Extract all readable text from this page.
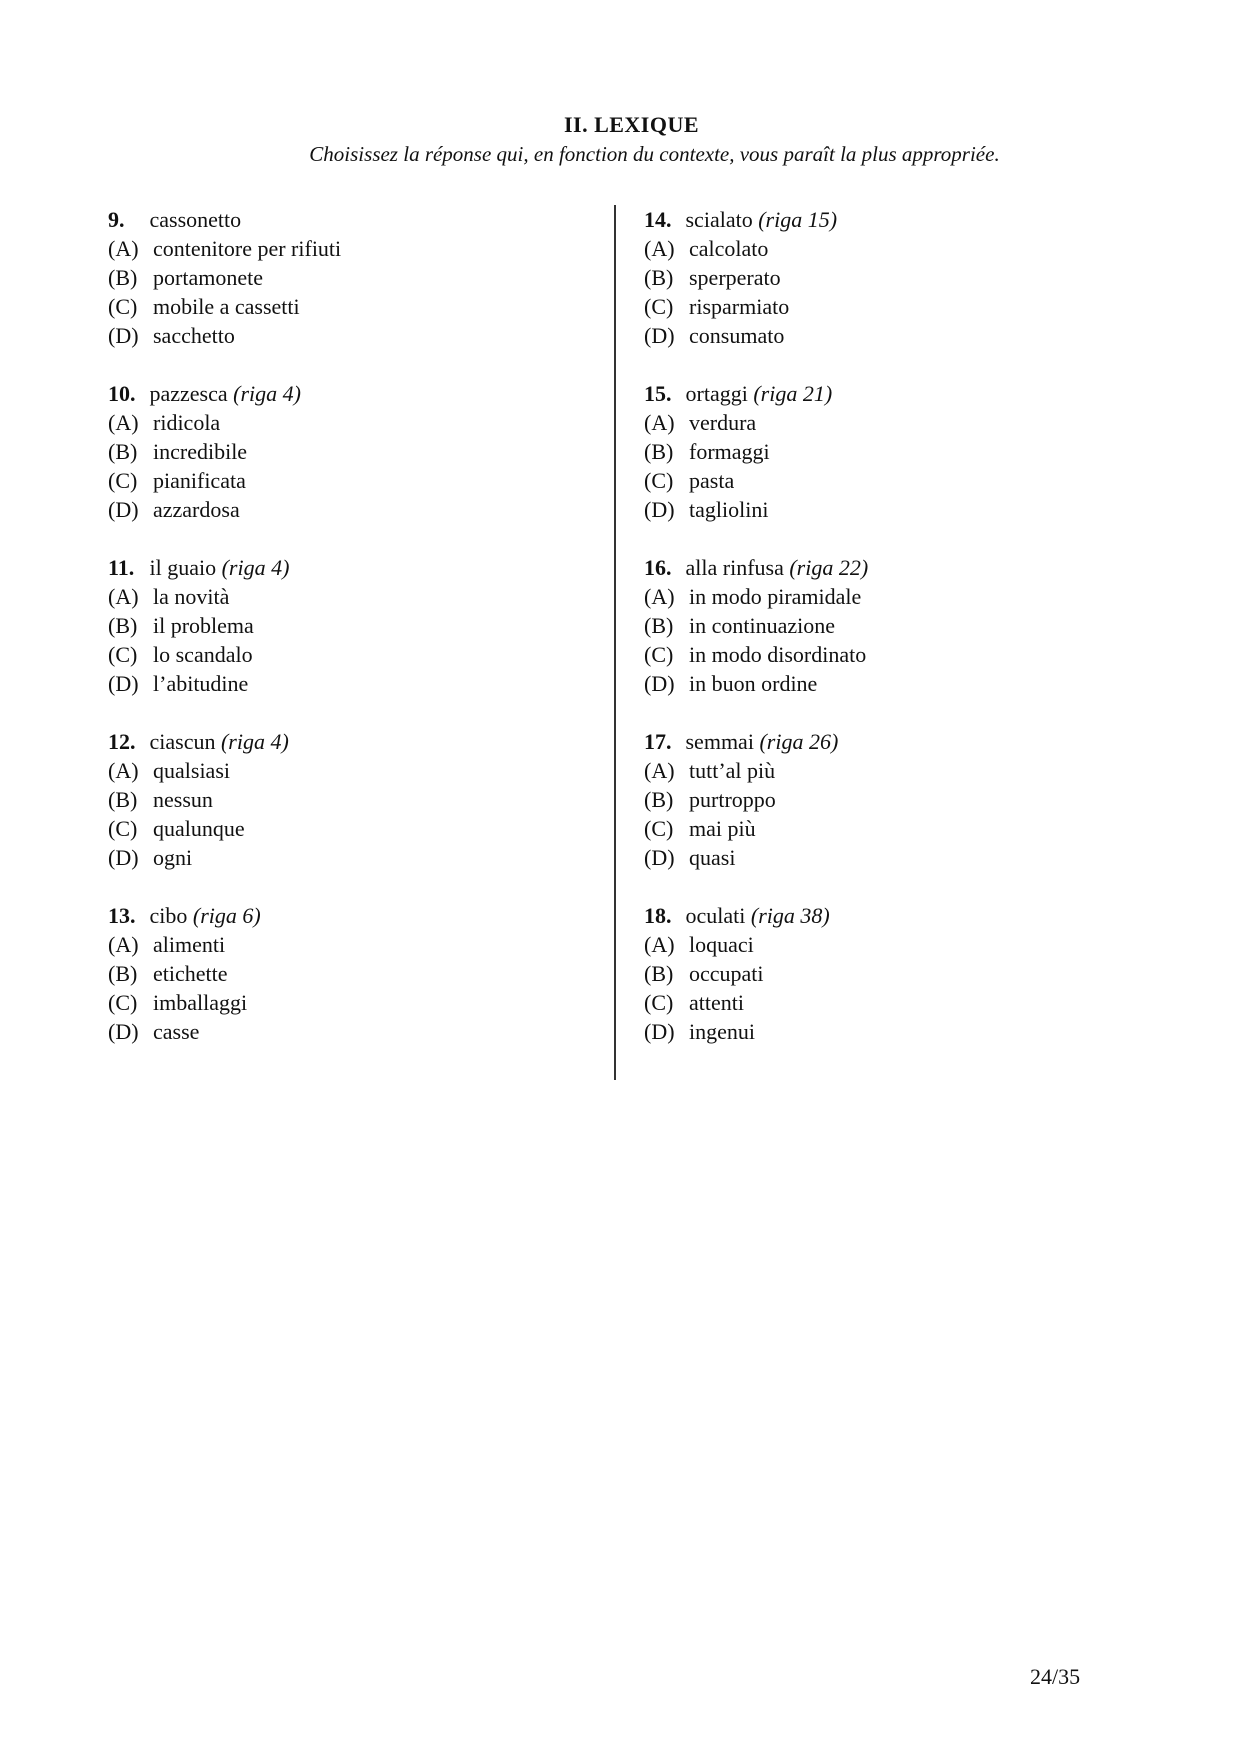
II. LEXIQUE
Choisissez la réponse qui, en fonction du contexte, vous paraît la plus appropriée.
9. cassonetto
(A) contenitore per rifiuti
(B) portamonete
(C) mobile a cassetti
(D) sacchetto
10. pazzesca (riga 4)
(A) ridicola
(B) incredibile
(C) pianificata
(D) azzardosa
11. il guaio (riga 4)
(A) la novità
(B) il problema
(C) lo scandalo
(D) l’abitudine
12. ciascun (riga 4)
(A) qualsiasi
(B) nessun
(C) qualunque
(D) ogni
13. cibo (riga 6)
(A) alimenti
(B) etichette
(C) imballaggi
(D) casse
14. scialato (riga 15)
(A) calcolato
(B) sperperato
(C) risparmiato
(D) consumato
15. ortaggi (riga 21)
(A) verdura
(B) formaggi
(C) pasta
(D) tagliolini
16. alla rinfusa (riga 22)
(A) in modo piramidale
(B) in continuazione
(C) in modo disordinato
(D) in buon ordine
17. semmai (riga 26)
(A) tutt’al più
(B) purtroppo
(C) mai più
(D) quasi
18. oculati (riga 38)
(A) loquaci
(B) occupati
(C) attenti
(D) ingenui
24/35
